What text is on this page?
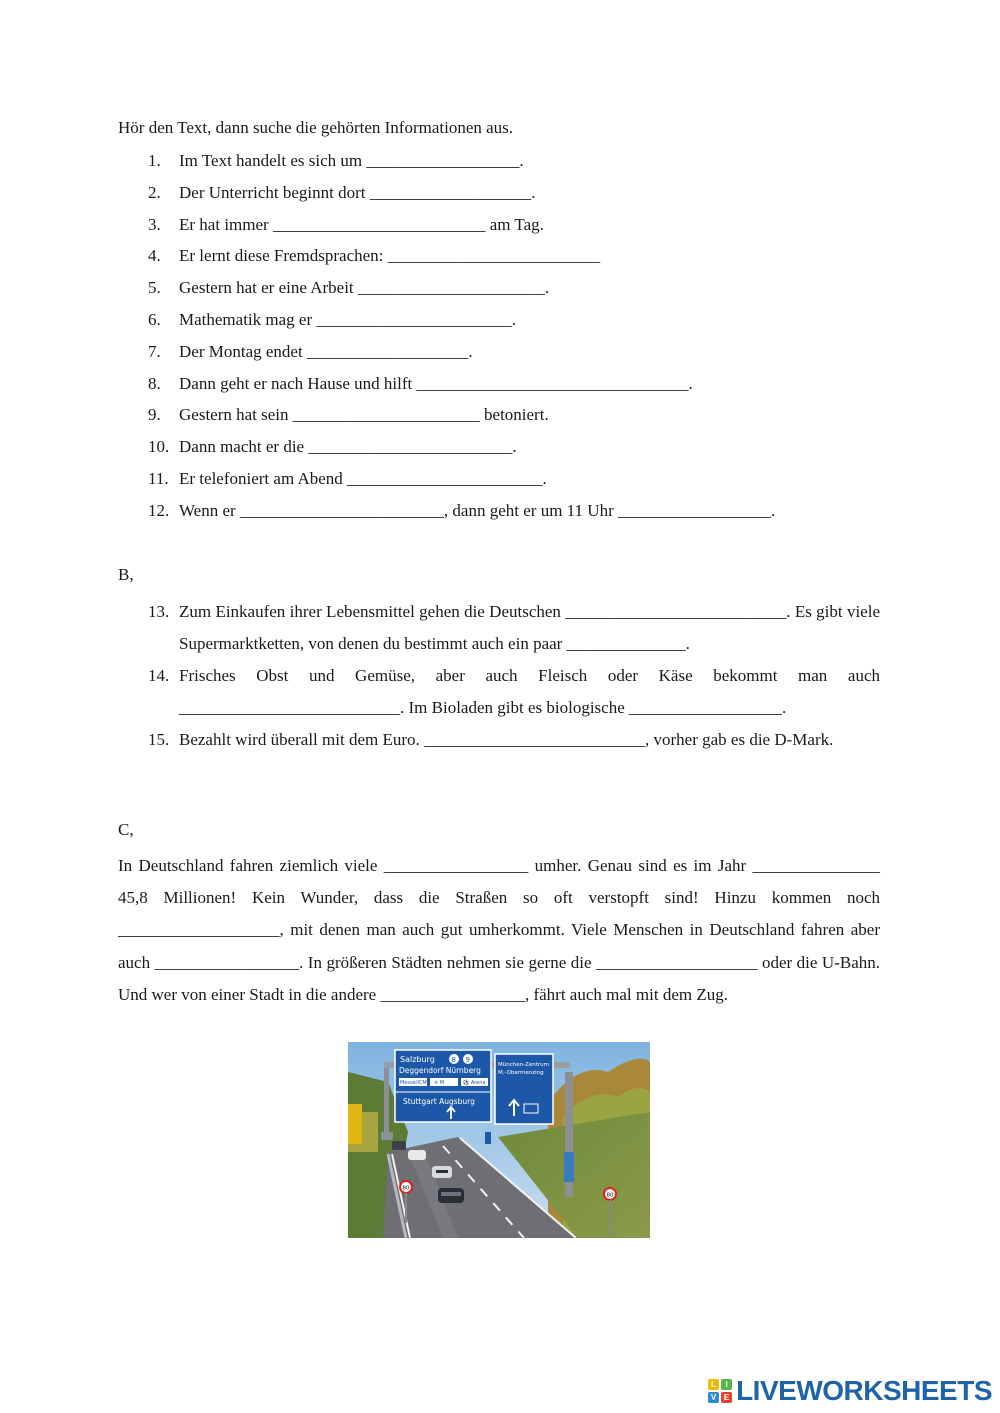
Hör den Text, dann suche die gehörten Informationen aus.
1.	Im Text handelt es sich um __________________.
2.	Der Unterricht beginnt dort ___________________.
3.	Er hat immer _________________________ am Tag.
4.	Er lernt diese Fremdsprachen: _________________________
5.	Gestern hat er eine Arbeit ______________________.
6.	Mathematik mag er _______________________.
7.	Der Montag endet ___________________.
8.	Dann geht er nach Hause und hilft ________________________________.
9.	Gestern hat sein ______________________ betoniert.
10. Dann macht er die ________________________.
11. Er telefoniert am Abend _______________________.
12. Wenn er ________________________, dann geht er um 11 Uhr __________________.
B,
13. Zum Einkaufen ihrer Lebensmittel gehen die Deutschen __________________________. Es gibt viele Supermarktketten, von denen du bestimmt auch ein paar ______________.
14. Frisches Obst und Gemüse, aber auch Fleisch oder Käse bekommt man auch __________________________. Im Bioladen gibt es biologische __________________.
15. Bezahlt wird überall mit dem Euro. __________________________, vorher gab es die D-Mark.
C,
In Deutschland fahren ziemlich viele _________________ umher. Genau sind es im Jahr _______________ 45,8 Millionen! Kein Wunder, dass die Straßen so oft verstopft sind! Hinzu kommen noch ___________________, mit denen man auch gut umherkommt. Viele Menschen in Deutschland fahren aber auch _________________. In größeren Städten nehmen sie gerne die ___________________ oder die U-Bahn. Und wer von einer Stadt in die andere _________________, fährt auch mal mit dem Zug.
Salzburg 8 9
Deggendorf Nürnberg
Messe/ICM ✈ M	⚽ Arena
Stuttgart Augsburg
München-Zentrum
M.-Obermenzing
80
80
L	I
V E LIVEWORKSHEETS
